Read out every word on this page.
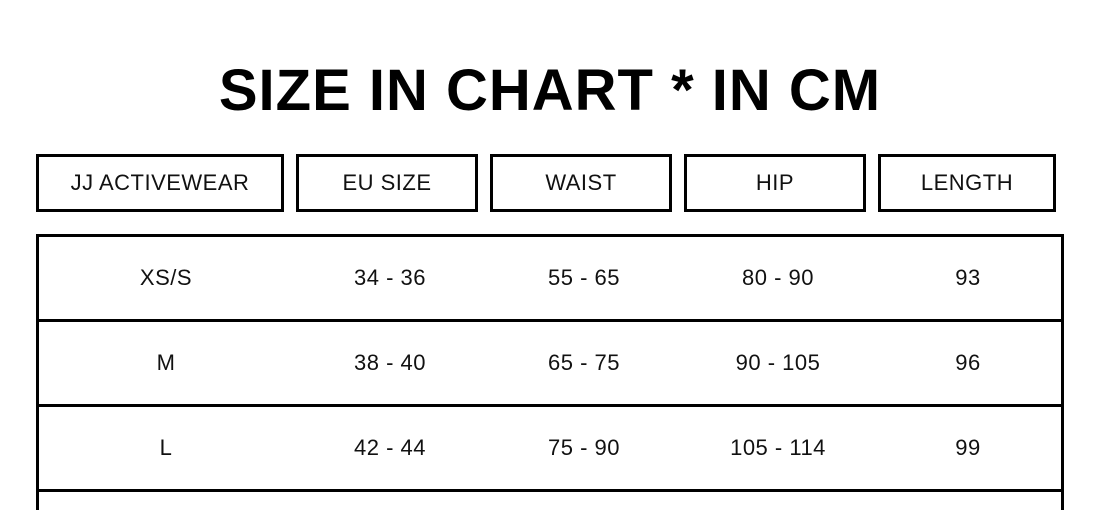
SIZE IN CHART * IN CM
JJ ACTIVEWEAR	EU SIZE	WAIST	HIP	LENGTH
XS/S	34 - 36	55 - 65	80 - 90	93
M	38 - 40	65 - 75	90 - 105	96
L	42 - 44	75 - 90	105 - 114	99
